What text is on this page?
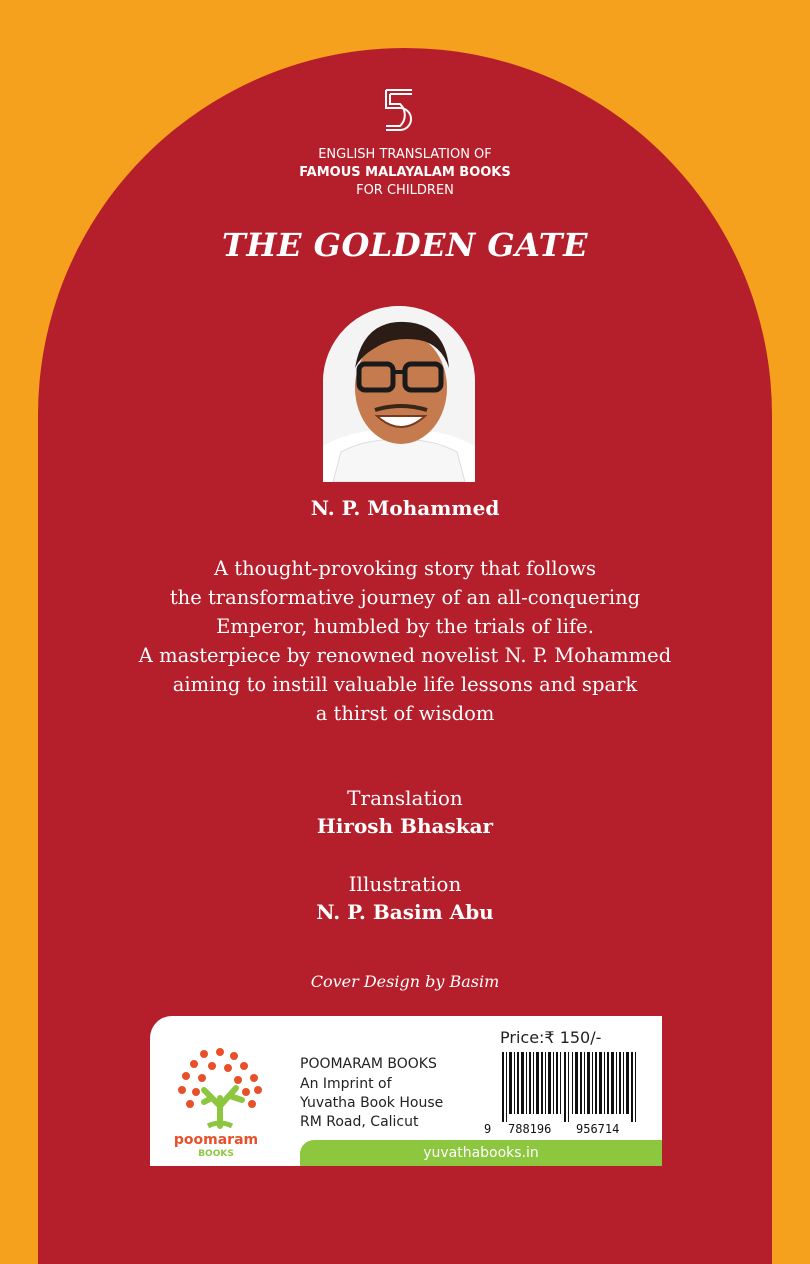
ENGLISH TRANSLATION OF
FAMOUS MALAYALAM BOOKS
FOR CHILDREN
THE GOLDEN GATE
N. P. Mohammed
A thought-provoking story that follows
the transformative journey of an all-conquering
Emperor, humbled by the trials of life.
A masterpiece by renowned novelist N. P. Mohammed
aiming to instill valuable life lessons and spark
a thirst of wisdom
Translation
Hirosh Bhaskar
Illustration
N. P. Basim Abu
Cover Design by Basim
poomaram
BOOKS
POOMARAM BOOKS
An Imprint of
Yuvatha Book House
RM Road, Calicut
Price:₹ 150/-
9 788196 956714
yuvathabooks.in
